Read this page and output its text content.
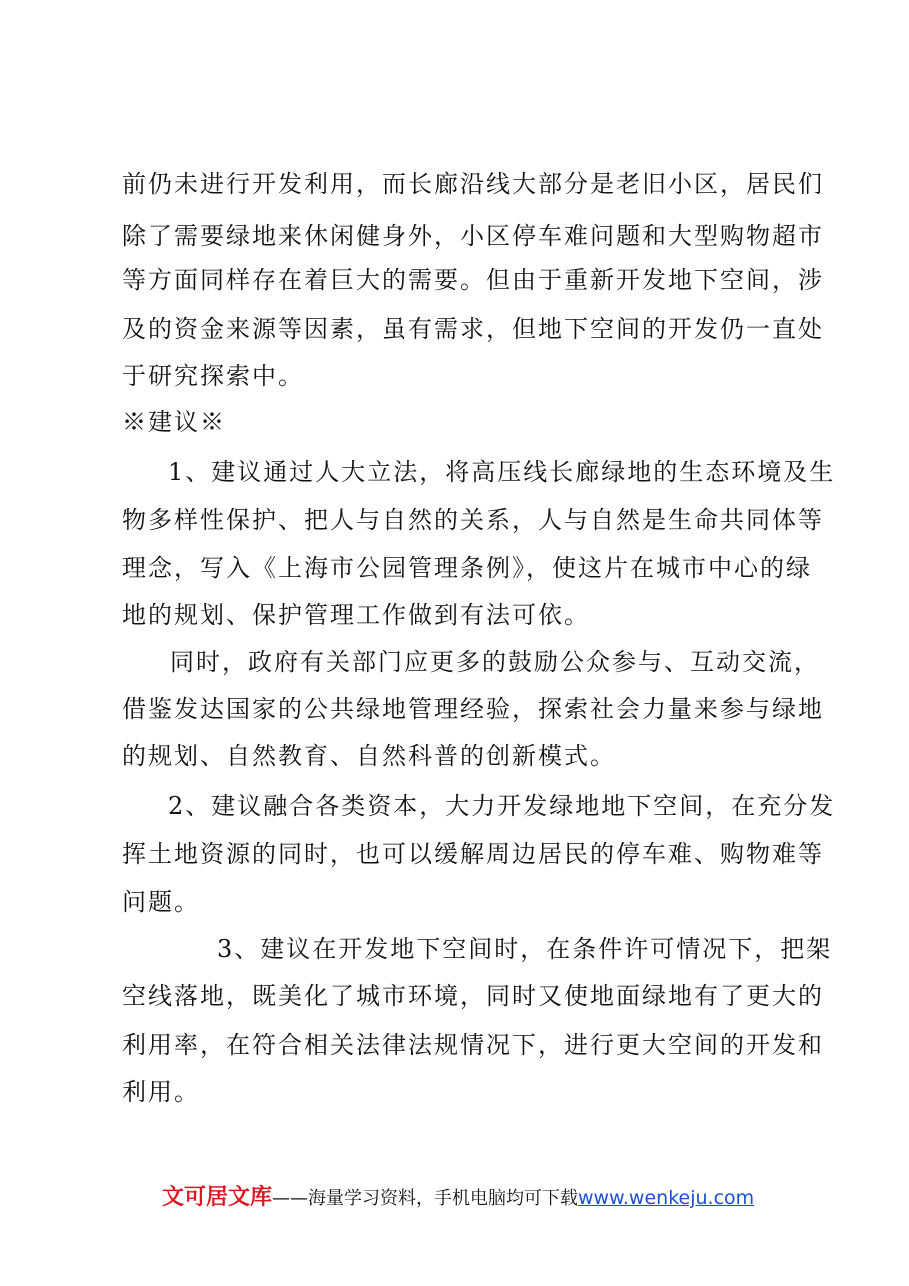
前仍未进行开发利用，而长廊沿线大部分是老旧小区，居民们
除了需要绿地来休闲健身外，小区停车难问题和大型购物超市
等方面同样存在着巨大的需要。但由于重新开发地下空间，涉
及的资金来源等因素，虽有需求，但地下空间的开发仍一直处
于研究探索中。
※建议※
1、建议通过人大立法，将高压线长廊绿地的生态环境及生
物多样性保护、把人与自然的关系，人与自然是生命共同体等
理念，写入《上海市公园管理条例》，使这片在城市中心的绿
地的规划、保护管理工作做到有法可依。
同时，政府有关部门应更多的鼓励公众参与、互动交流，
借鉴发达国家的公共绿地管理经验，探索社会力量来参与绿地
的规划、自然教育、自然科普的创新模式。
2、建议融合各类资本，大力开发绿地地下空间，在充分发
挥土地资源的同时，也可以缓解周边居民的停车难、购物难等
问题。
3、建议在开发地下空间时，在条件许可情况下，把架
空线落地，既美化了城市环境，同时又使地面绿地有了更大的
利用率，在符合相关法律法规情况下，进行更大空间的开发和
利用。
文可居文库——海量学习资料，手机电脑均可下载www.wenkeju.com
